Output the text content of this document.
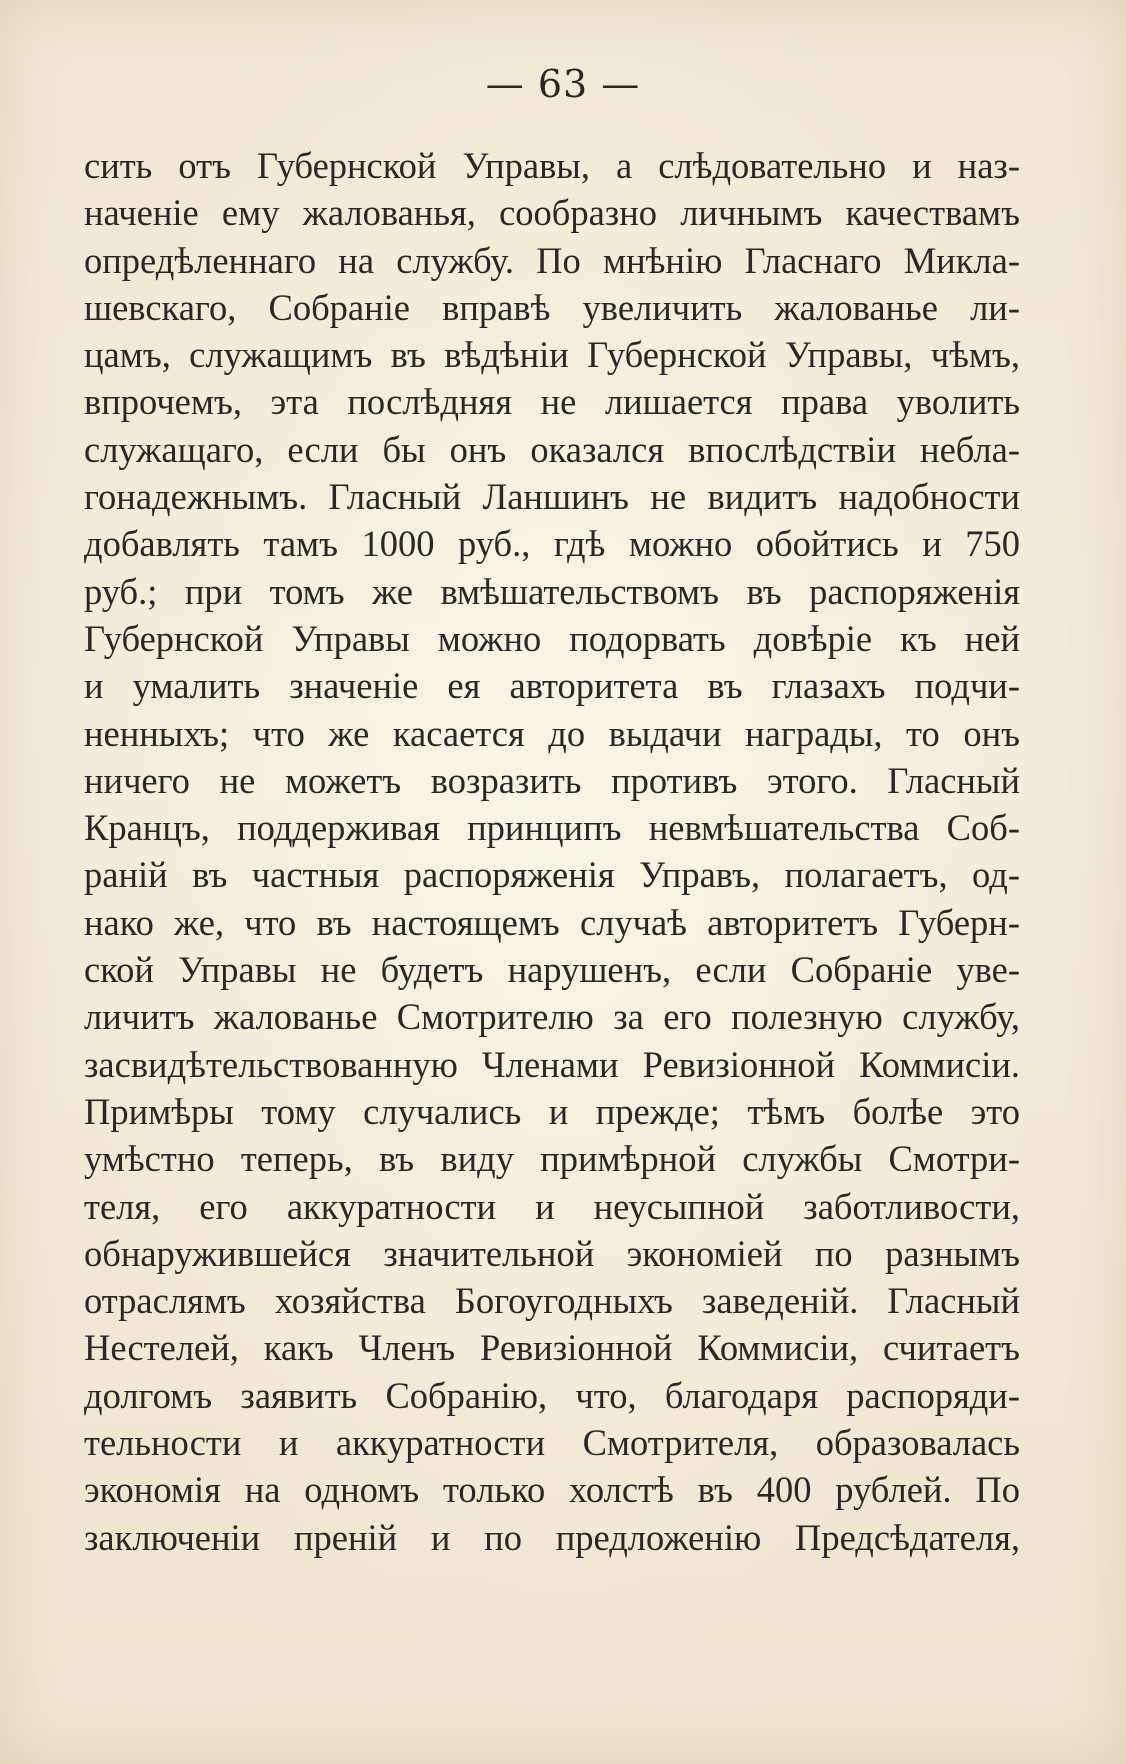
— 63 —
сить отъ Губернской Управы, а слѣдовательно и наз-
наченіе ему жалованья, сообразно личнымъ качествамъ
опредѣленнаго на службу. По мнѣнію Гласнаго Микла-
шевскаго, Собраніе вправѣ увеличить жалованье ли-
цамъ, служащимъ въ вѣдѣніи Губернской Управы, чѣмъ,
впрочемъ, эта послѣдняя не лишается права уволить
служащаго, если бы онъ оказался впослѣдствіи небла-
гонадежнымъ. Гласный Ланшинъ не видитъ надобности
добавлять тамъ 1000 руб., гдѣ можно обойтись и 750
руб.; при томъ же вмѣшательствомъ въ распоряженія
Губернской Управы можно подорвать довѣріе къ ней
и умалить значеніе ея авторитета въ глазахъ подчи-
ненныхъ; что же касается до выдачи награды, то онъ
ничего не можетъ возразить противъ этого. Гласный
Кранцъ, поддерживая принципъ невмѣшательства Соб-
раній въ частныя распоряженія Управъ, полагаетъ, од-
нако же, что въ настоящемъ случаѣ авторитетъ Губерн-
ской Управы не будетъ нарушенъ, если Собраніе уве-
личитъ жалованье Смотрителю за его полезную службу,
засвидѣтельствованную Членами Ревизіонной Коммисіи.
Примѣры тому случались и прежде; тѣмъ болѣе это
умѣстно теперь, въ виду примѣрной службы Смотри-
теля, его аккуратности и неусыпной заботливости,
обнаружившейся значительной экономіей по разнымъ
отраслямъ хозяйства Богоугодныхъ заведеній. Гласный
Нестелей, какъ Членъ Ревизіонной Коммисіи, считаетъ
долгомъ заявить Собранію, что, благодаря распоряди-
тельности и аккуратности Смотрителя, образовалась
экономія на одномъ только холстѣ въ 400 рублей. По
заключеніи преній и по предложенію Предсѣдателя,
